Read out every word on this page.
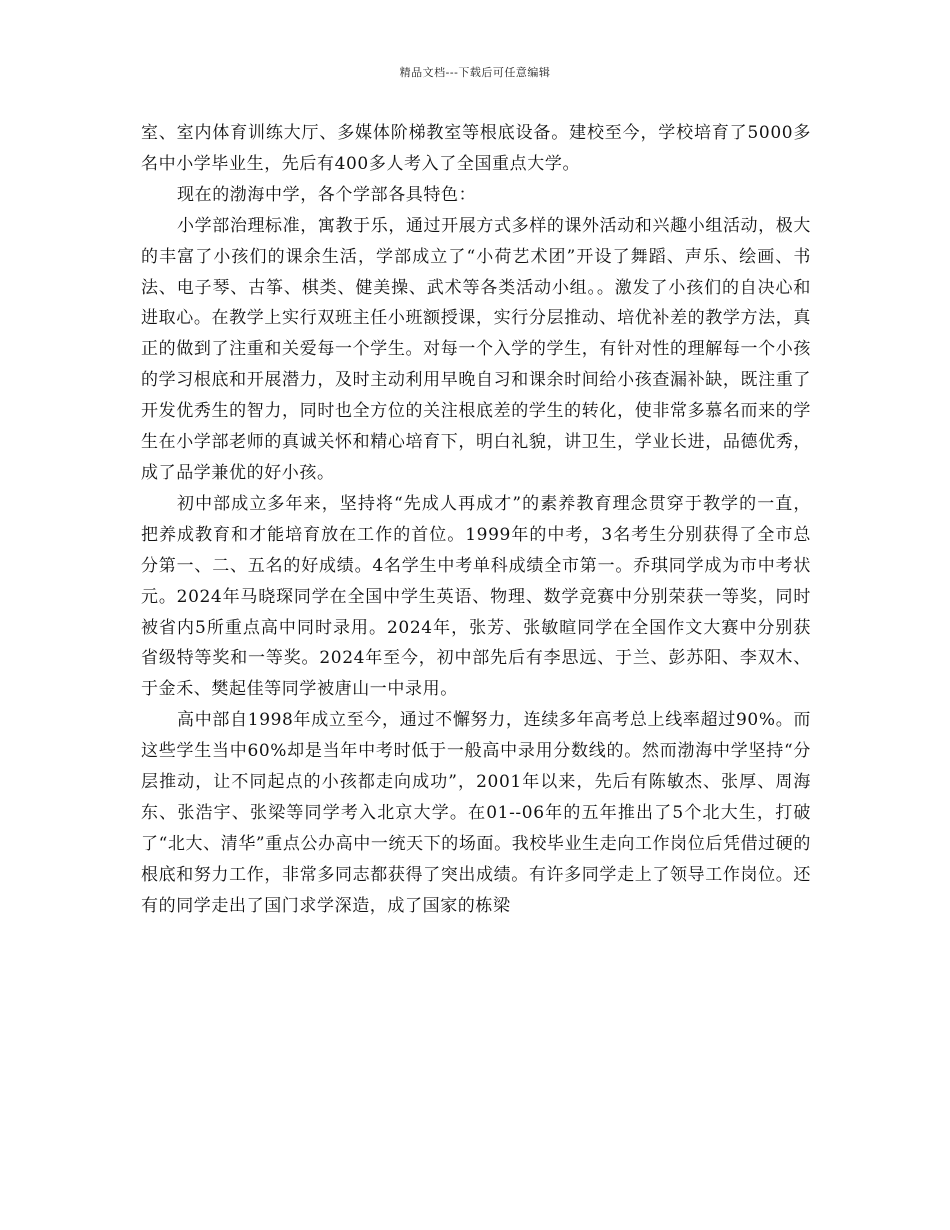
精品文档---下载后可任意编辑

室、室内体育训练大厅、多媒体阶梯教室等根底设备。建校至今，学校培育了5000多名中小学毕业生，先后有400多人考入了全国重点大学。

现在的渤海中学，各个学部各具特色：

小学部治理标准，寓教于乐，通过开展方式多样的课外活动和兴趣小组活动，极大的丰富了小孩们的课余生活，学部成立了“小荷艺术团”开设了舞蹈、声乐、绘画、书法、电子琴、古筝、棋类、健美操、武术等各类活动小组。。激发了小孩们的自决心和进取心。在教学上实行双班主任小班额授课，实行分层推动、培优补差的教学方法，真正的做到了注重和关爱每一个学生。对每一个入学的学生，有针对性的理解每一个小孩的学习根底和开展潜力，及时主动利用早晚自习和课余时间给小孩查漏补缺，既注重了开发优秀生的智力，同时也全方位的关注根底差的学生的转化，使非常多慕名而来的学生在小学部老师的真诚关怀和精心培育下，明白礼貌，讲卫生，学业长进，品德优秀，成了品学兼优的好小孩。

初中部成立多年来，坚持将“先成人再成才”的素养教育理念贯穿于教学的一直，把养成教育和才能培育放在工作的首位。1999年的中考，3名考生分别获得了全市总分第一、二、五名的好成绩。4名学生中考单科成绩全市第一。乔琪同学成为市中考状元。2024年马晓琛同学在全国中学生英语、物理、数学竞赛中分别荣获一等奖，同时被省内5所重点高中同时录用。2024年，张芳、张敏暄同学在全国作文大赛中分别获省级特等奖和一等奖。2024年至今，初中部先后有李思远、于兰、彭苏阳、李双木、于金禾、樊起佳等同学被唐山一中录用。

高中部自1998年成立至今，通过不懈努力，连续多年高考总上线率超过90%。而这些学生当中60%却是当年中考时低于一般高中录用分数线的。然而渤海中学坚持“分层推动，让不同起点的小孩都走向成功”，2001年以来，先后有陈敏杰、张厚、周海东、张浩宇、张梁等同学考入北京大学。在01--06年的五年推出了5个北大生，打破了“北大、清华”重点公办高中一统天下的场面。我校毕业生走向工作岗位后凭借过硬的根底和努力工作，非常多同志都获得了突出成绩。有许多同学走上了领导工作岗位。还有的同学走出了国门求学深造，成了国家的栋梁
